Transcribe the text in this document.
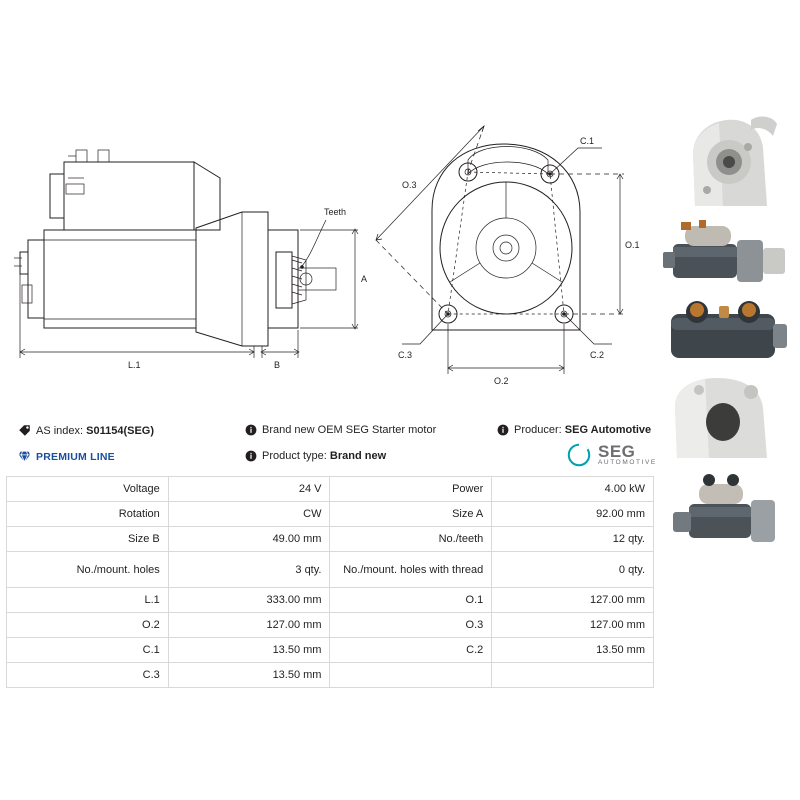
Teeth
A
B
L.1
O.3
C.1
O.1
C.2
C.3
O.2
AS index:
S01154(SEG)	Brand new OEM SEG Starter motor	Producer:
SEG Automotive
PREMIUM LINE	Product type:
Brand new	SEG
AUTOMOTIVE
Voltage	24 V	Power	4.00 kW
Rotation	CW	Size A	92.00 mm
Size B	49.00 mm	No./teeth	12 qty.
No./mount. holes	3 qty.	No./mount. holes with thread	0 qty.
L.1	333.00 mm	O.1	127.00 mm
O.2	127.00 mm	O.3	127.00 mm
C.1	13.50 mm	C.2	13.50 mm
C.3	13.50 mm		
